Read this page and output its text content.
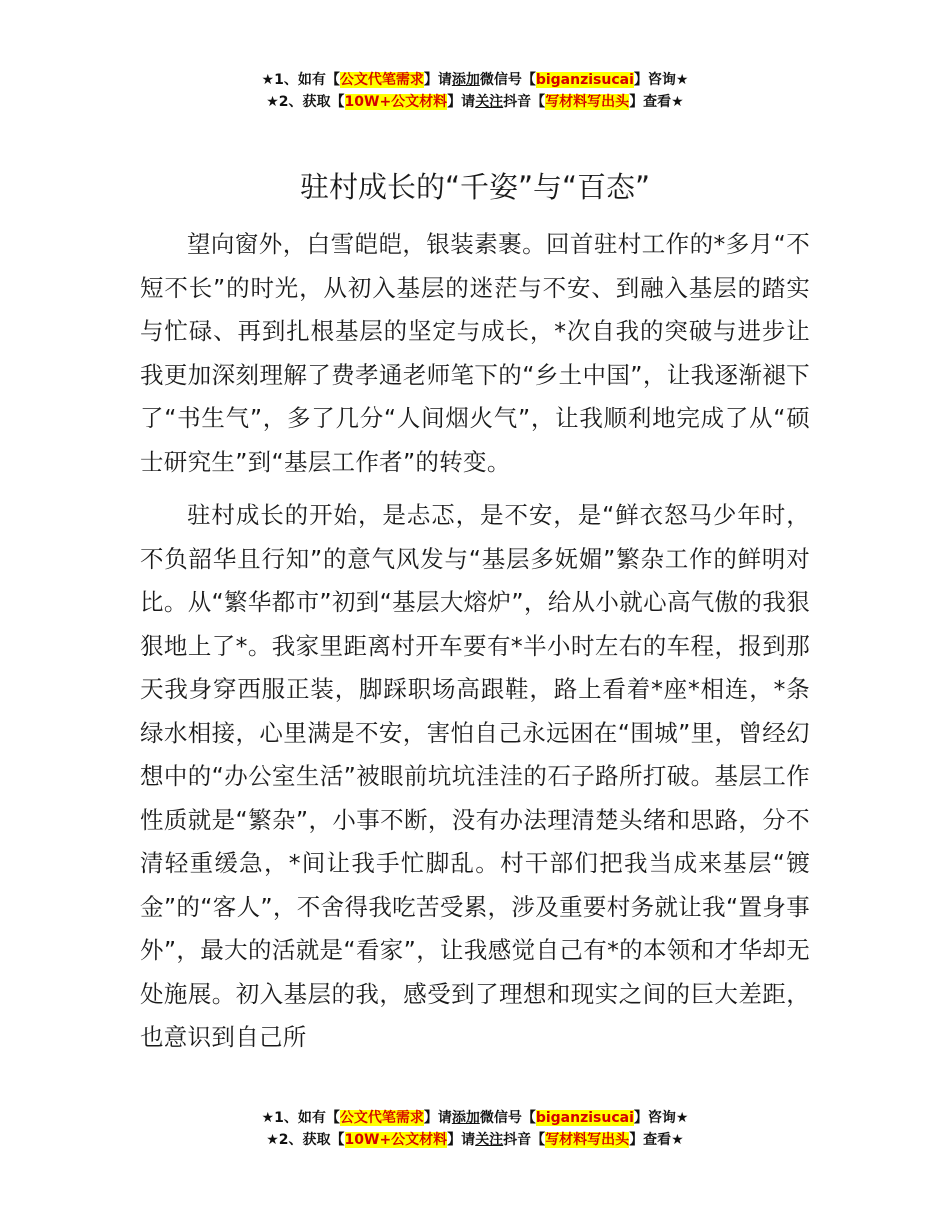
★1、如有【公文代笔需求】请添加微信号【biganzisucai】咨询★
★2、获取【10W+公文材料】请关注抖音【写材料写出头】查看★
驻村成长的“千姿”与“百态”

望向窗外，白雪皑皑，银装素裹。回首驻村工作的*多月“不短不长”的时光，从初入基层的迷茫与不安、到融入基层的踏实与忙碌、再到扎根基层的坚定与成长，*次自我的突破与进步让我更加深刻理解了费孝通老师笔下的“乡土中国”，让我逐渐褪下了“书生气”，多了几分“人间烟火气”，让我顺利地完成了从“硕士研究生”到“基层工作者”的转变。

驻村成长的开始，是忐忑，是不安，是“鲜衣怒马少年时，不负韶华且行知”的意气风发与“基层多妩媚”繁杂工作的鲜明对比。从“繁华都市”初到“基层大熔炉”，给从小就心高气傲的我狠狠地上了*。我家里距离村开车要有*半小时左右的车程，报到那天我身穿西服正装，脚踩职场高跟鞋，路上看着*座*相连，*条绿水相接，心里满是不安，害怕自己永远困在“围城”里，曾经幻想中的“办公室生活”被眼前坑坑洼洼的石子路所打破。基层工作性质就是“繁杂”，小事不断，没有办法理清楚头绪和思路，分不清轻重缓急，*间让我手忙脚乱。村干部们把我当成来基层“镀金”的“客人”，不舍得我吃苦受累，涉及重要村务就让我“置身事外”，最大的活就是“看家”，让我感觉自己有*的本领和才华却无处施展。初入基层的我，感受到了理想和现实之间的巨大差距，也意识到自己所

★1、如有【公文代笔需求】请添加微信号【biganzisucai】咨询★
★2、获取【10W+公文材料】请关注抖音【写材料写出头】查看★
